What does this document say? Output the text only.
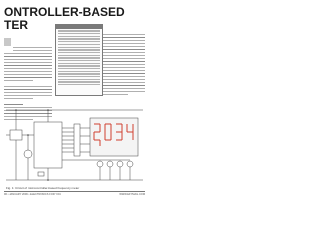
ONTROLLER-BASED
TER
Fig. 1: Circuit of microcontroller-based frequency meter
96 • JANUARY 2009 • ELECTRONICS FOR YOU	WWW.EFYMAG.COM
